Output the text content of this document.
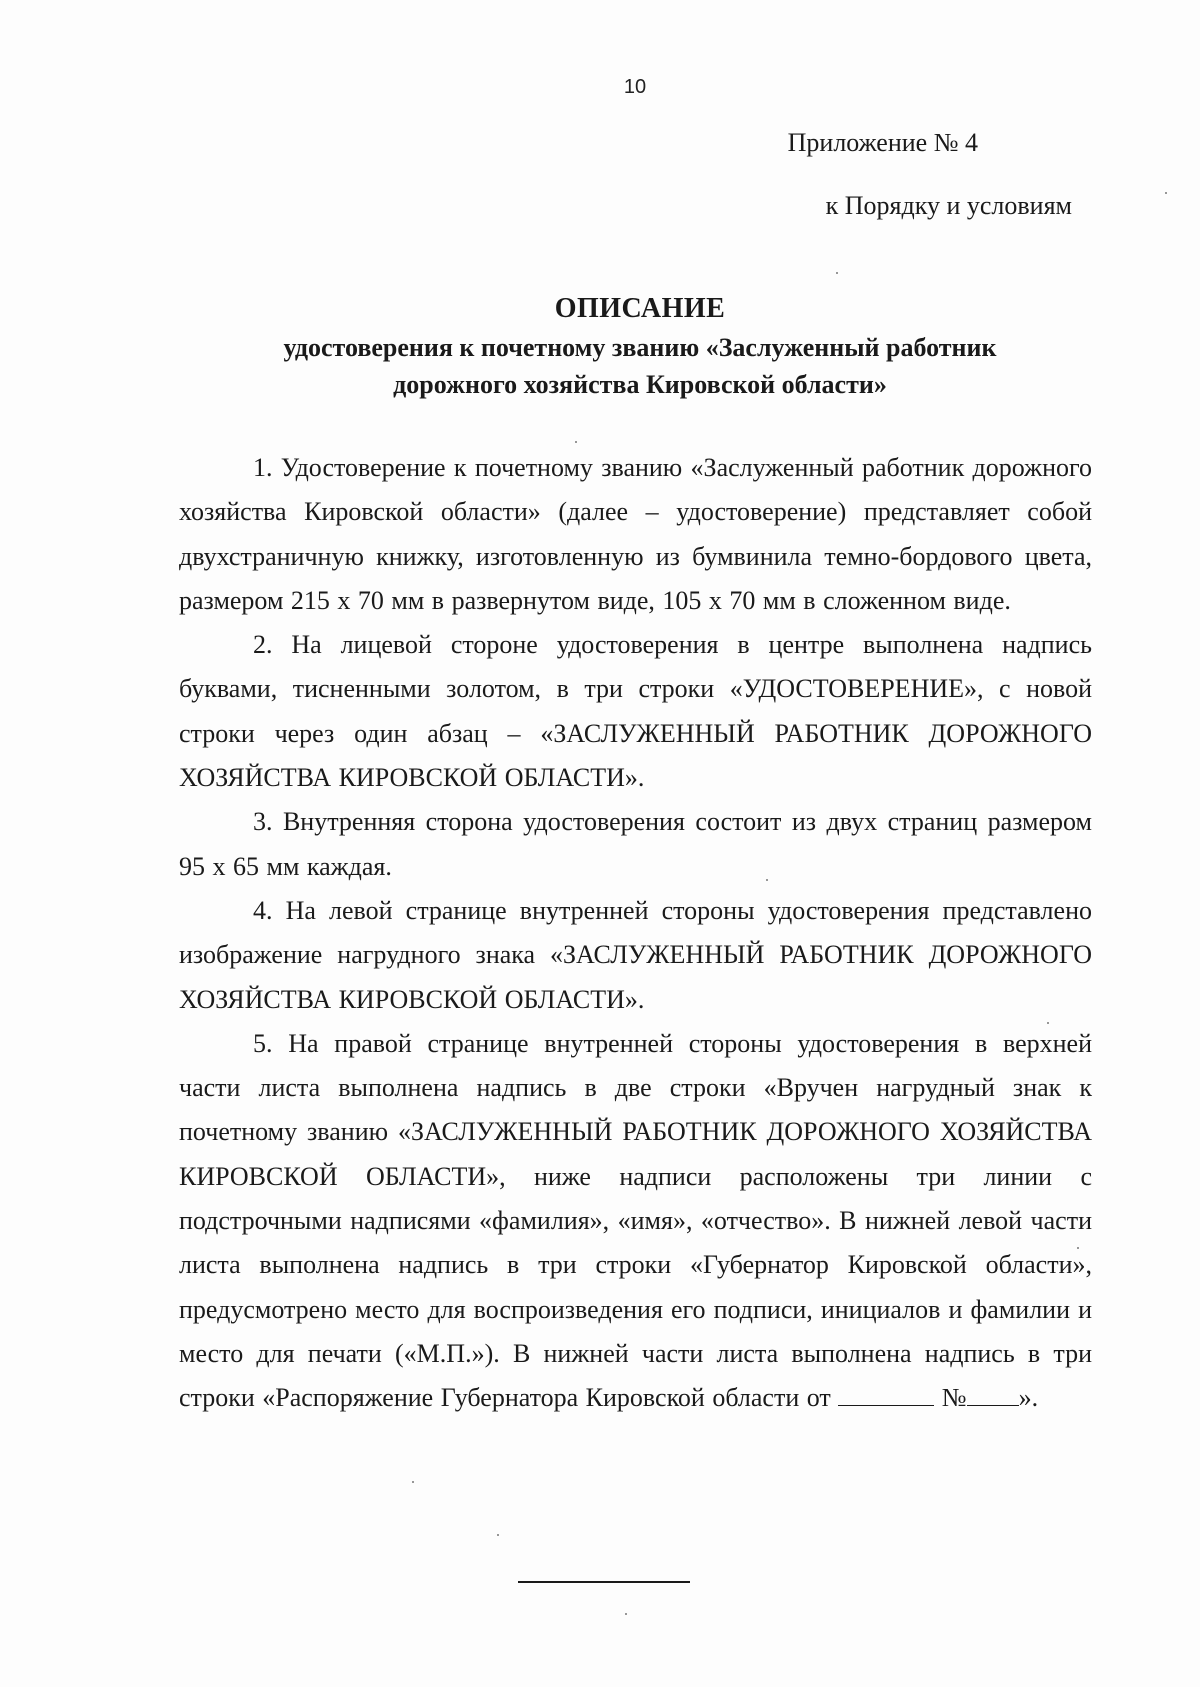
10
Приложение № 4
к Порядку и условиям
ОПИСАНИЕ
удостоверения к почетному званию «Заслуженный работник
дорожного хозяйства Кировской области»

1. Удостоверение к почетному званию «Заслуженный работник дорожного хозяйства Кировской области» (далее – удостоверение) представляет собой двухстраничную книжку, изготовленную из бумвинила темно-бордового цвета, размером 215 х 70 мм в развернутом виде, 105 х 70 мм в сложенном виде.

2. На лицевой стороне удостоверения в центре выполнена надпись буквами, тисненными золотом, в три строки «УДОСТОВЕРЕНИЕ», с новой строки через один абзац – «ЗАСЛУЖЕННЫЙ РАБОТНИК ДОРОЖНОГО ХОЗЯЙСТВА КИРОВСКОЙ ОБЛАСТИ».

3. Внутренняя сторона удостоверения состоит из двух страниц размером 95 х 65 мм каждая.

4. На левой странице внутренней стороны удостоверения представлено изображение нагрудного знака «ЗАСЛУЖЕННЫЙ РАБОТНИК ДОРОЖНОГО ХОЗЯЙСТВА КИРОВСКОЙ ОБЛАСТИ».

5. На правой странице внутренней стороны удостоверения в верхней части листа выполнена надпись в две строки «Вручен нагрудный знак к почетному званию «ЗАСЛУЖЕННЫЙ РАБОТНИК ДОРОЖНОГО ХОЗЯЙСТВА КИРОВСКОЙ ОБЛАСТИ», ниже надписи расположены три линии с подстрочными надписями «фамилия», «имя», «отчество». В нижней левой части листа выполнена надпись в три строки «Губернатор Кировской области», предусмотрено место для воспроизведения его подписи, инициалов и фамилии и место для печати («М.П.»). В нижней части листа выполнена надпись в три строки «Распоряжение Губернатора Кировской области от	№ ».
